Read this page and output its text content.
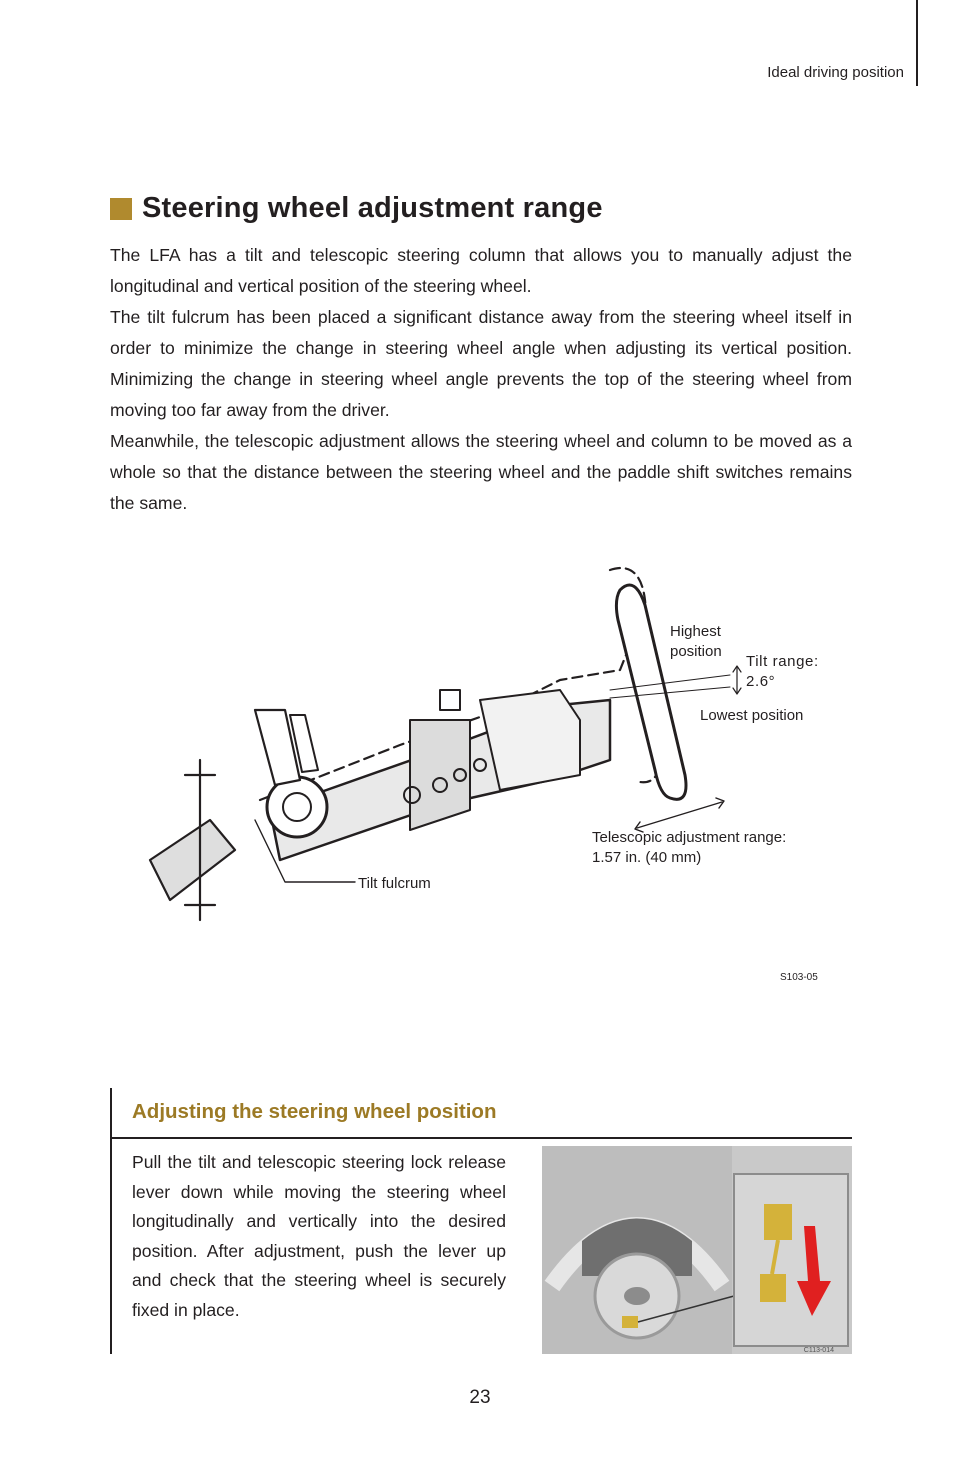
Ideal driving position
Steering wheel adjustment range

The LFA has a tilt and telescopic steering column that allows you to manually adjust the longitudinal and vertical position of the steering wheel.

The tilt fulcrum has been placed a significant distance away from the steering wheel itself in order to minimize the change in steering wheel angle when adjusting its vertical position. Minimizing the change in steering wheel angle prevents the top of the steering wheel from moving too far away from the driver.

Meanwhile, the telescopic adjustment allows the steering wheel and column to be moved as a whole so that the distance between the steering wheel and the paddle shift switches remains the same.

Highest
position
Tilt range:
2.6°
Lowest position
Telescopic adjustment range:
1.57 in. (40 mm)
Tilt fulcrum
S103-05
Adjusting the steering wheel position
Pull the tilt and telescopic steering lock release lever down while moving the steering wheel longitudinally and vertically into the desired position. After adjustment, push the lever up and check that the steering wheel is securely fixed in place.
C113-014
23
